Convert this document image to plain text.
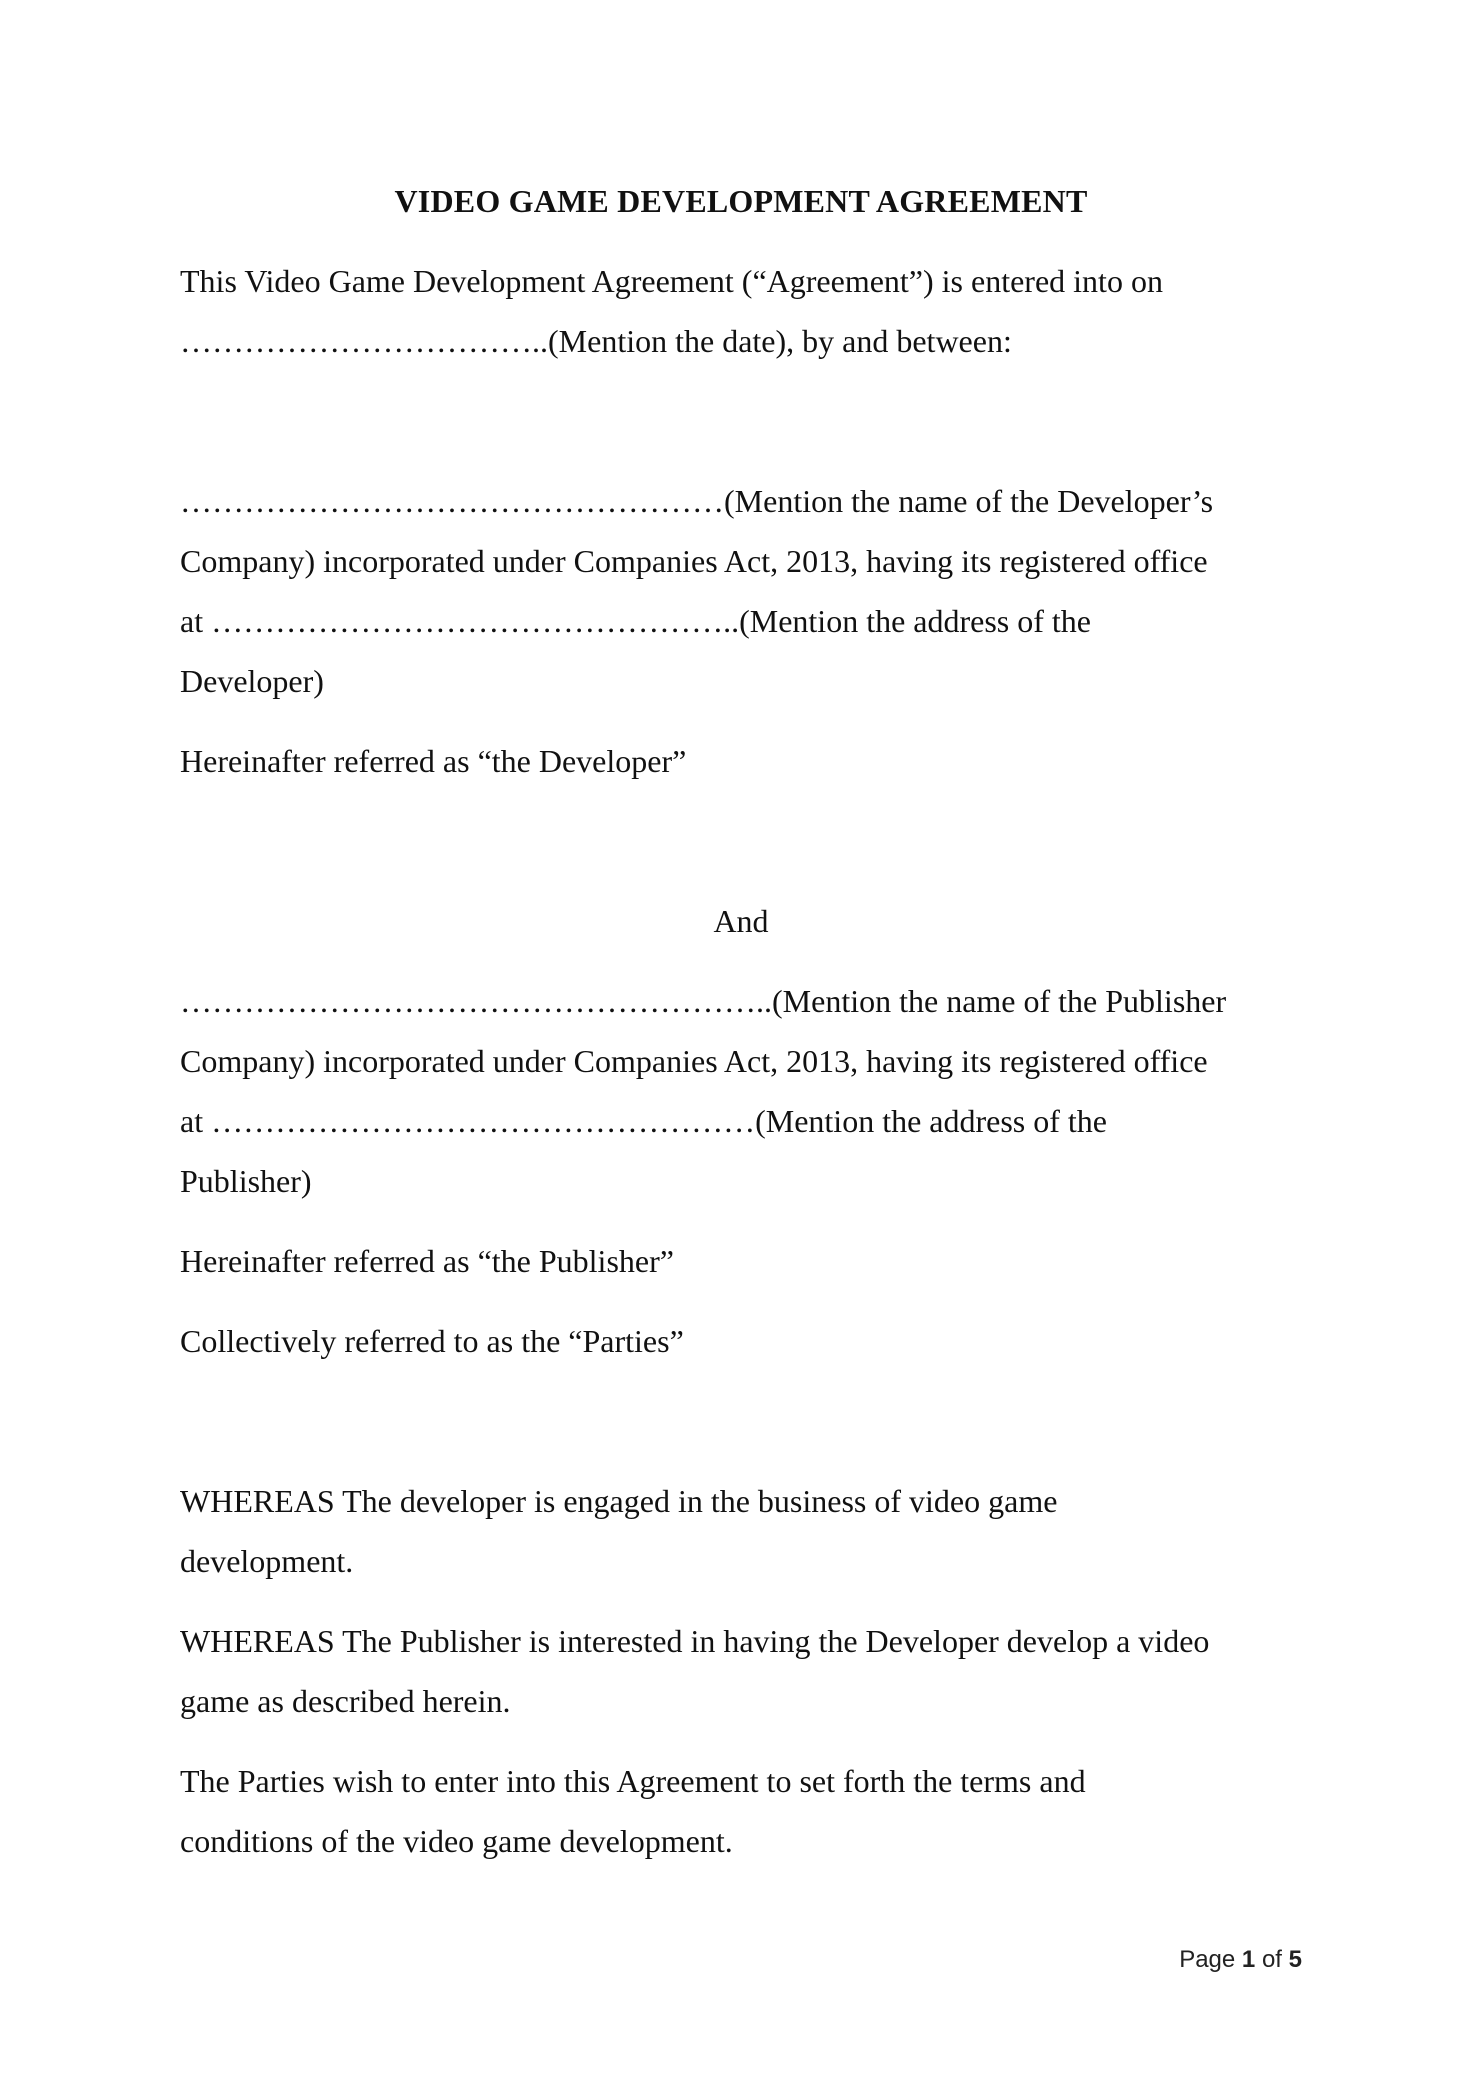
VIDEO GAME DEVELOPMENT AGREEMENT
This Video Game Development Agreement (“Agreement”) is entered into on
……………………………..(Mention the date), by and between:
……………………………………………(Mention the name of the Developer’s
Company) incorporated under Companies Act, 2013, having its registered office
at …………………………………………..(Mention the address of the
Developer)
Hereinafter referred as “the Developer”
And
………………………………………………..(Mention the name of the Publisher
Company) incorporated under Companies Act, 2013, having its registered office
at ……………………………………………(Mention the address of the
Publisher)
Hereinafter referred as “the Publisher”
Collectively referred to as the “Parties”
WHEREAS The developer is engaged in the business of video game
development.
WHEREAS The Publisher is interested in having the Developer develop a video
game as described herein.
The Parties wish to enter into this Agreement to set forth the terms and
conditions of the video game development.
Page 1 of 5
